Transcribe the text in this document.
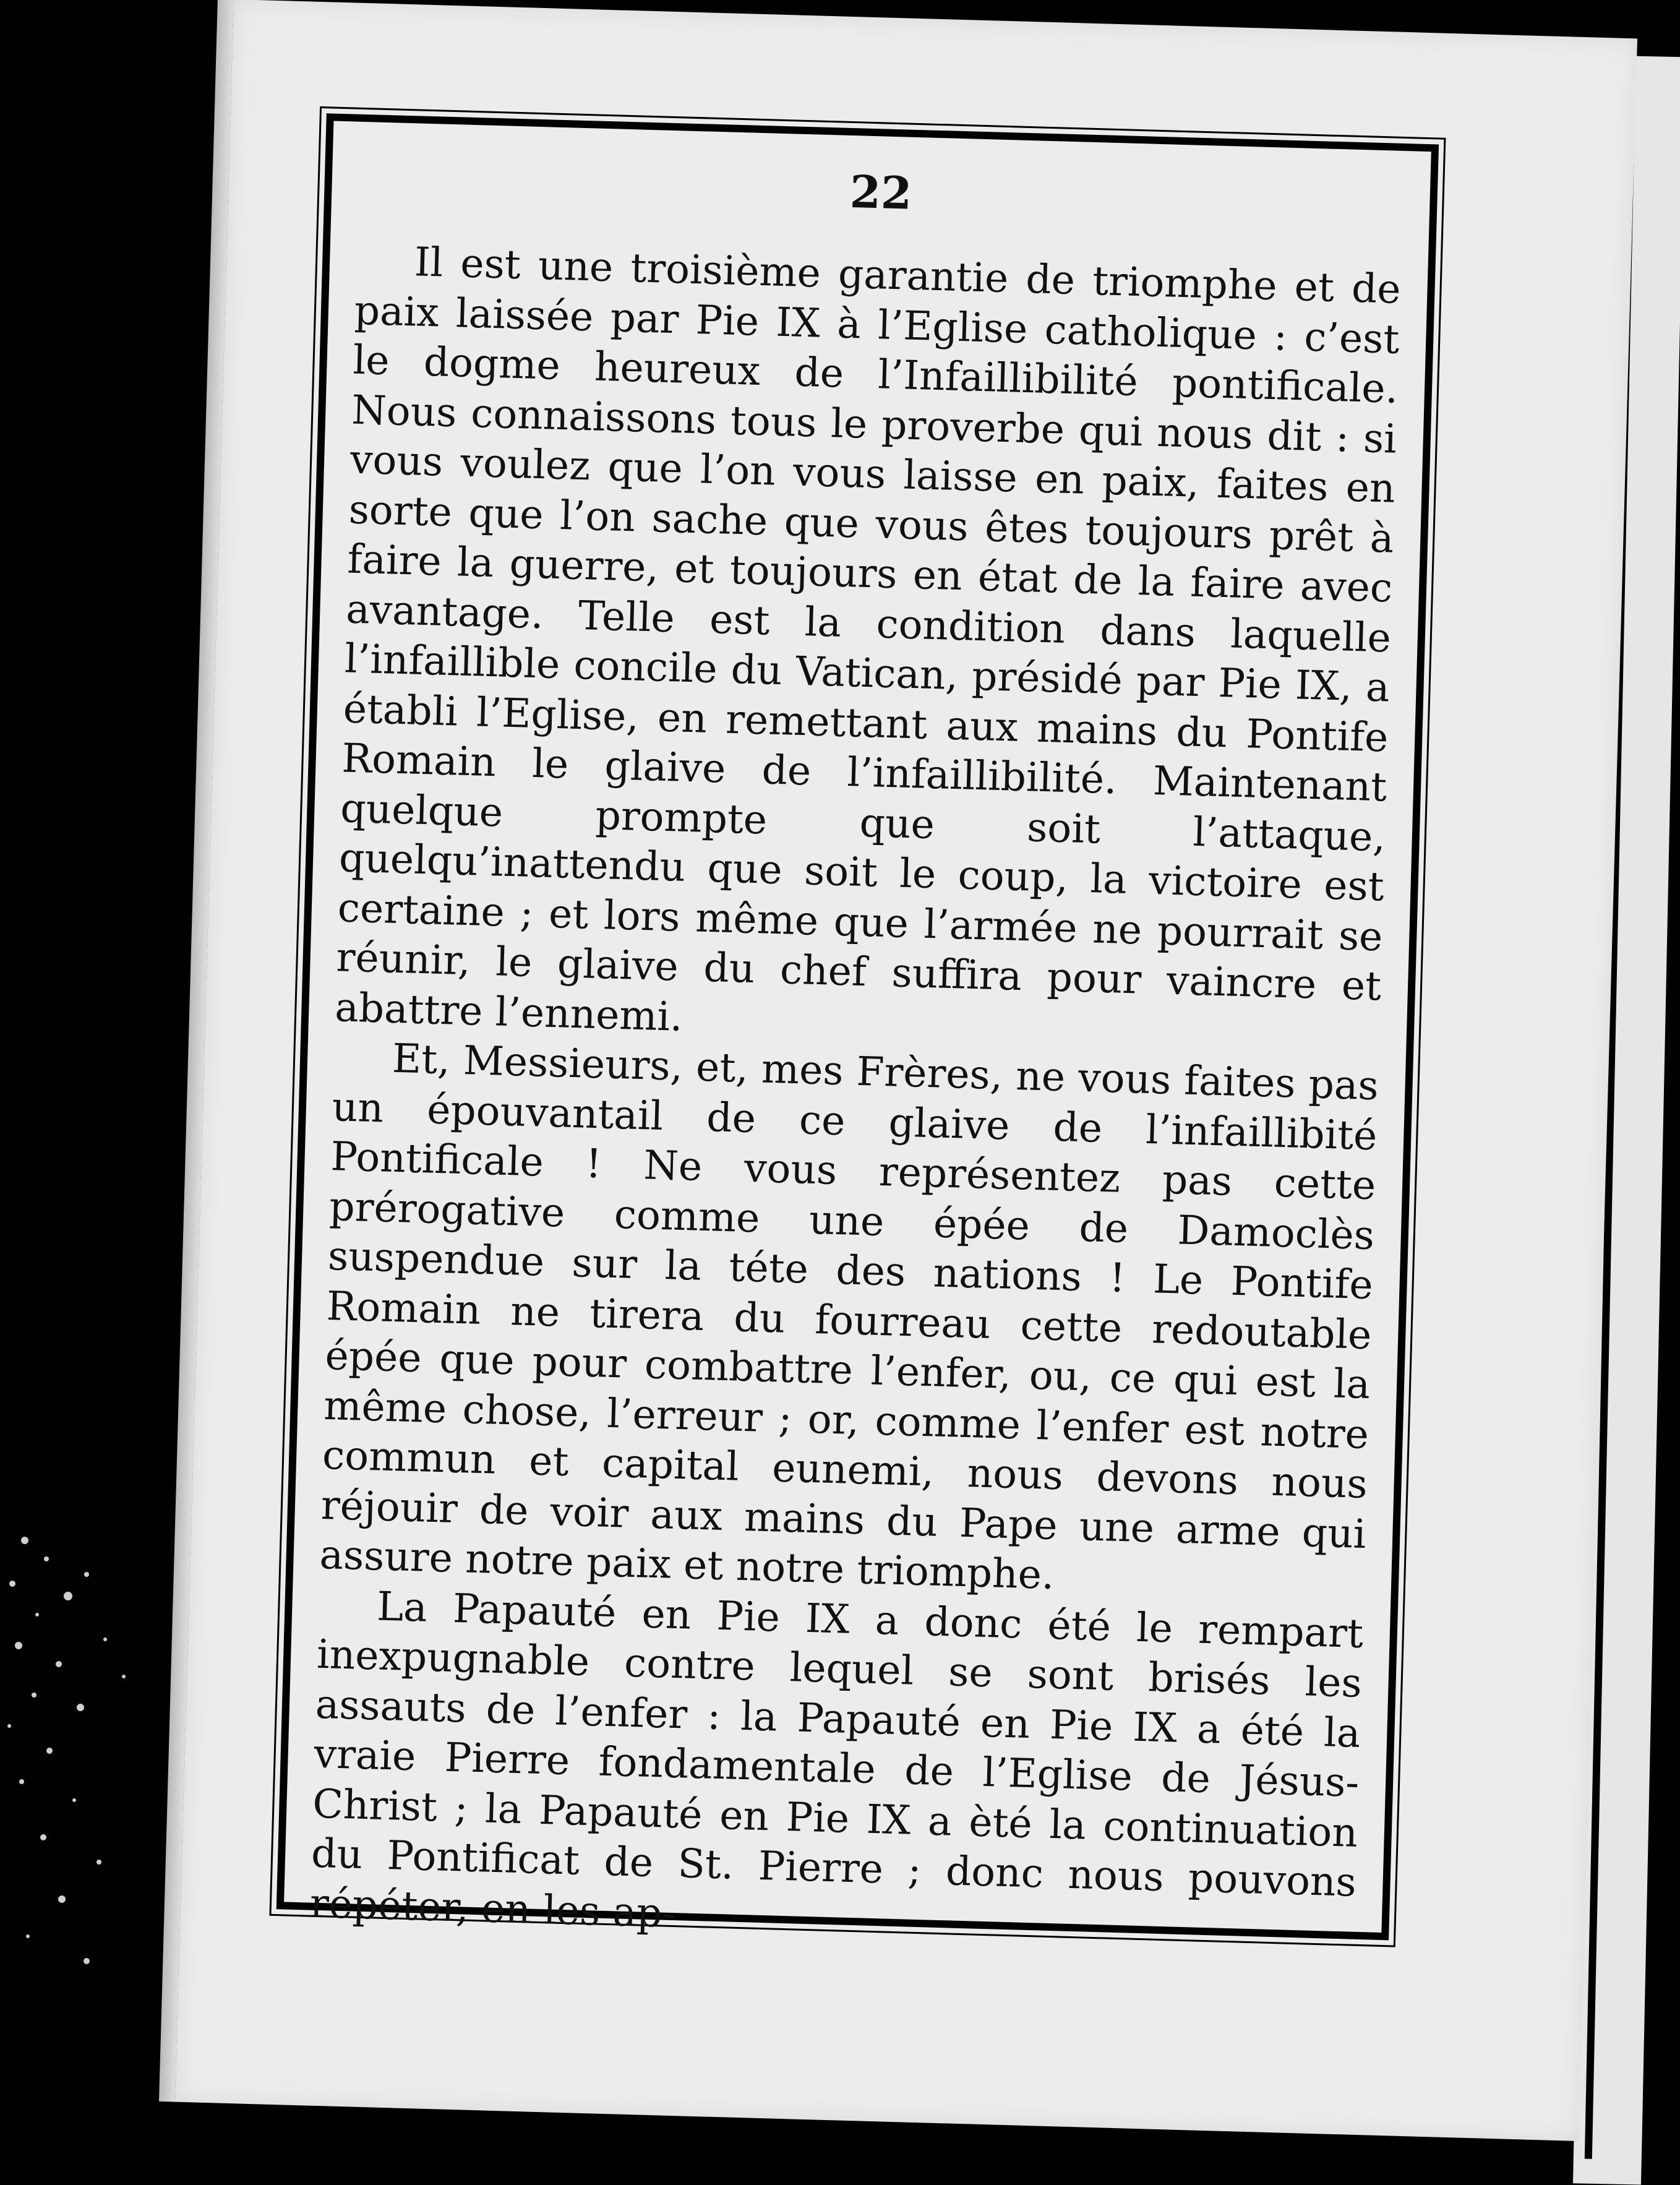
22

Il est une troisième garantie de triomphe et de paix laissée par Pie IX à l’Eglise catholique : c’est le dogme heureux de l’Infaillibilité pontificale. Nous connaissons tous le proverbe qui nous dit : si vous voulez que l’on vous laisse en paix, faites en sorte que l’on sache que vous êtes toujours prêt à faire la guerre, et toujours en état de la faire avec avantage. Telle est la condition dans laquelle l’infaillible concile du Vatican, présidé par Pie IX, a établi l’Eglise, en remettant aux mains du Pontife Romain le glaive de l’infaillibilité. Maintenant quelque prompte que soit l’attaque, quelqu’inattendu que soit le coup, la victoire est certaine ; et lors même que l’armée ne pourrait se réunir, le glaive du chef suffira pour vaincre et abattre l’ennemi.

Et, Messieurs, et, mes Frères, ne vous faites pas un épouvantail de ce glaive de l’infaillibité Pontificale ! Ne vous représentez pas cette prérogative comme une épée de Damoclès suspendue sur la téte des nations ! Le Pontife Romain ne tirera du fourreau cette redoutable épée que pour combattre l’enfer, ou, ce qui est la même chose, l’erreur ; or, comme l’enfer est notre commun et capital eunemi, nous devons nous réjouir de voir aux mains du Pape une arme qui assure notre paix et notre triomphe.

La Papauté en Pie IX a donc été le rempart inexpugnable contre lequel se sont brisés les assauts de l’enfer : la Papauté en Pie IX a été la vraie Pierre fondamentale de l’Eglise de Jésus-Christ ; la Papauté en Pie IX a èté la continuation du Pontificat de St. Pierre ; donc nous pouvons répéter, en les ap-
